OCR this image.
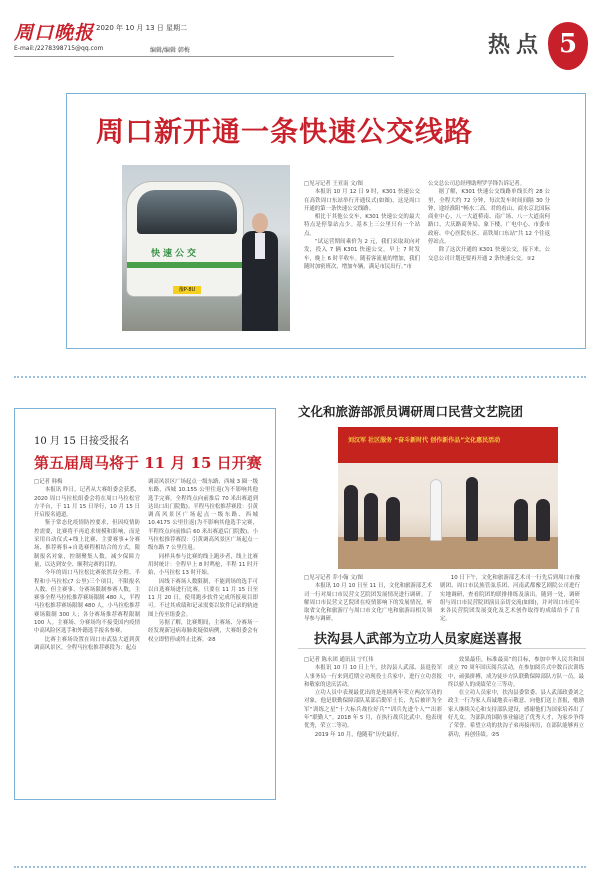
周口晚报 2020 年 10 月 13 日 星期二
E-mail:/2278398715@qq.com	编辑/编辑 韩梅	热点 5
周口新开通一条快速公交线路
快速公交
豫P·8U

□见习记者 王亚南 文/图

本报讯 10 月 12 日 9 时，K301 快速公交在高铁周口东站举行开通仪式(如图)，这是周口开通的第一条快速公交线路。

相比于其他公交车，K301 快速公交的最大特点是停靠站点少。基本上三公里只有一个站点。

“试运营期间乘价为 2 元，我们采取双向对发，投入 7 辆 K301 快速公交，早上 7 时发车，晚上 6 时半收车。随着客流量的增加，我们随时加密班次，增加车辆，满足市民出行。”市

公交总公司总经理助理罗学锋告诉记者。

据了解，K301 快速公交线路单线长约 28 公里，全程大约 72 分钟，每次发车时间间隔 30 分钟，途经淮阳“畅水二高、君的看山、商水京北国际商业中心、八一大道桥南、南广场、八一大道南何路口、大庆路商务局、象下楼、广电中心、市委市政府、中心医院东区、高铁周口东站”共 12 个往返停站点。

除了这次开通的 K301 快速公交，接下来，公交总公司计划还要再开通 2 条快速公交。①2

10 月 15 日接受报名
第五届周马将于 11 月 15 日开赛

□记者 韩梅

本报讯 昨日，记者从大赛组委会获悉，2020 周口马拉松组委会将在周口马拉松官方平台，于 11 月 15 日举行，10 月 15 日开启报名通道。

鉴于常态化疫情防控要求，但因疫情防控需要，比赛将不再追求规模和影响，而是采用自动仪式+线上比赛、主要赛事+分赛场、推荐赛事+自选赛程相结合的方式，限制报名对象，控制聚集人数，减少保障力量，以达到安全、顺利完赛的目的。

今年的周口马拉松比赛依然设全程、半程和小马拉松(7 公里)三个项目，不限报名人数，但主赛事、分赛场限制参赛人数，主赛事全程马拉松推荐赛场限制 480 人，半程马拉松推荐赛场限制 480 人，小马拉松推荐赛场限制 300 人；各分赛场推荐赛程限制 100 人。主赛场、分赛场均不接受国内疫情中高风险区选手和外籍选手报名参赛。

比赛主赛场设置在周口市武装大道到黄调高风景区，全程马拉松推荐赛段为：起点

调高风景区广场起点一级东路、西城 3 圈一级东路，西城 10.155 公里往返(为不影响其他选手完赛，全程终点向前推后 70 米出赛道到达出口出门院数)。半程马拉松推荐赛段：引黄调高风景区广场起点一级东路、西城 10.4175 公里往返(为不影响其他选手完赛，半程终点向前推后 60 米出赛道后门院数)。小马拉松推荐赛段：引黄调高风景区广场起点一级东路 7 公里往返。

同样具参与比赛的线上跑步者，线上比赛用时统计：全程早上 8 时鸣枪，半程 11 时开始，小马拉松 13 时开始。

因线下赛场人数限制，不能到场的选手可以自选赛场进行比赛，只要在 11 月 15 日至 11 月 20 日，使用跑步软件完成所报项目即可。不过其成绩和记录需要以软件记录的轨迹图上传至组委会。

另据了解，比赛期间，主赛场、分赛场一经发现新冠病毒肺炎疑似病例，大赛组委会有权立即暂停或终止比赛。②8

文化和旅游部派员调研周口民营文艺院团
刘汉军 社区服务 “奋斗新时代 创作新作品”文化惠民活动

□见习记者 乔小翰 文/图

本报讯 10 月 10 日至 11 日，文化和旅游部艺术司一行对周口市民营文艺院团发展情况进行调研。了解周口市民营文艺院团在疫情影响下的发展情况，听取省文化和旅游厅与周口市文化广电和旅游局相关领导参与调研。

10 日下午，文化和旅游部艺术司一行先后到周口市豫剧团、周口市民族管弦乐团、河南武都豫艺剧院公司进行实地调研，查看院团的联排排练及演出。随到一处，调研组与周口市民营院团演员亲切交流(如图)，并对周口市近年来各民营院团发展变化及艺术创作取得的成绩给予了肯定。

扶沟县人武部为立功人员家庭送喜报

□记者 陈永团 通讯员 宁红伟

本报讯 10 月 10 日上午，扶沟县人武部、县退役军人事务局一行来到近期立功现役士兵家中，进行立功喜报和敬家的送庆活动。

立功人员中表现最优出的是连续两年荣立两次军功的对象，他是联勤保障部队某部后勤军士长，先后被评为全军“训练之星”十大标兵战位好兵”“训兵先进个人”“出彩年”联勤人”。2018 年 5 月，在执行战兵比武中，他表现优秀，荣立二等功。

2019 年 10 月，他随着“历史最好。

效果最佳，标准最高”的目标，参加中华人民共和国成立 70 周年国庆阅兵活动，在参加阅兵式中数百次训练中，顽强拼搏，成为徒步方队联勤保障部队方队一员。最终以骄人的成绩荣立三等功。

在立功人员家中，扶沟县委常委、县人武部政委刘之政主一行为家人真诚地表示敬意，向他们送上喜报，勉励家人继续关心和支持部队建设，感谢他们为国家培养出了好儿女。为部队的国防事业输送了优秀人才，为家乡争得了荣誉。希望立功的扶沟子弟再接再厉，在部队能够再立新功，再创佳绩。②5
